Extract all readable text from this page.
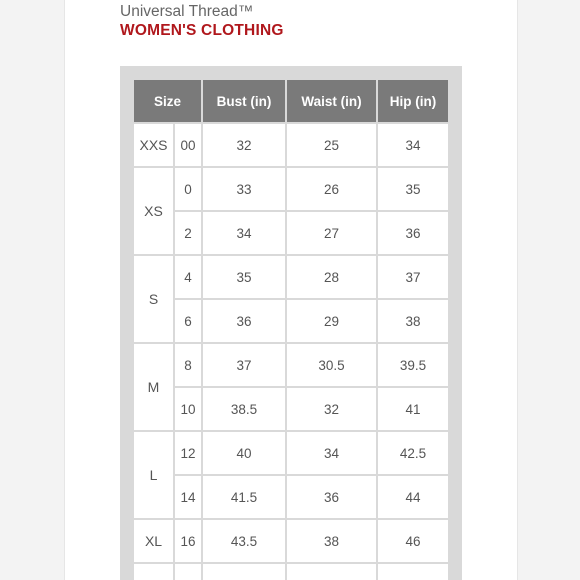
Universal Thread™
WOMEN'S CLOTHING
Size		Bust (in)	Waist (in)	Hip (in)
XXS	00	32	25	34
XS	0	33	26	35
	2	34	27	36
S	4	35	28	37
	6	36	29	38
M	8	37	30.5	39.5
	10	38.5	32	41
L	12	40	34	42.5
	14	41.5	36	44
XL	16	43.5	38	46
